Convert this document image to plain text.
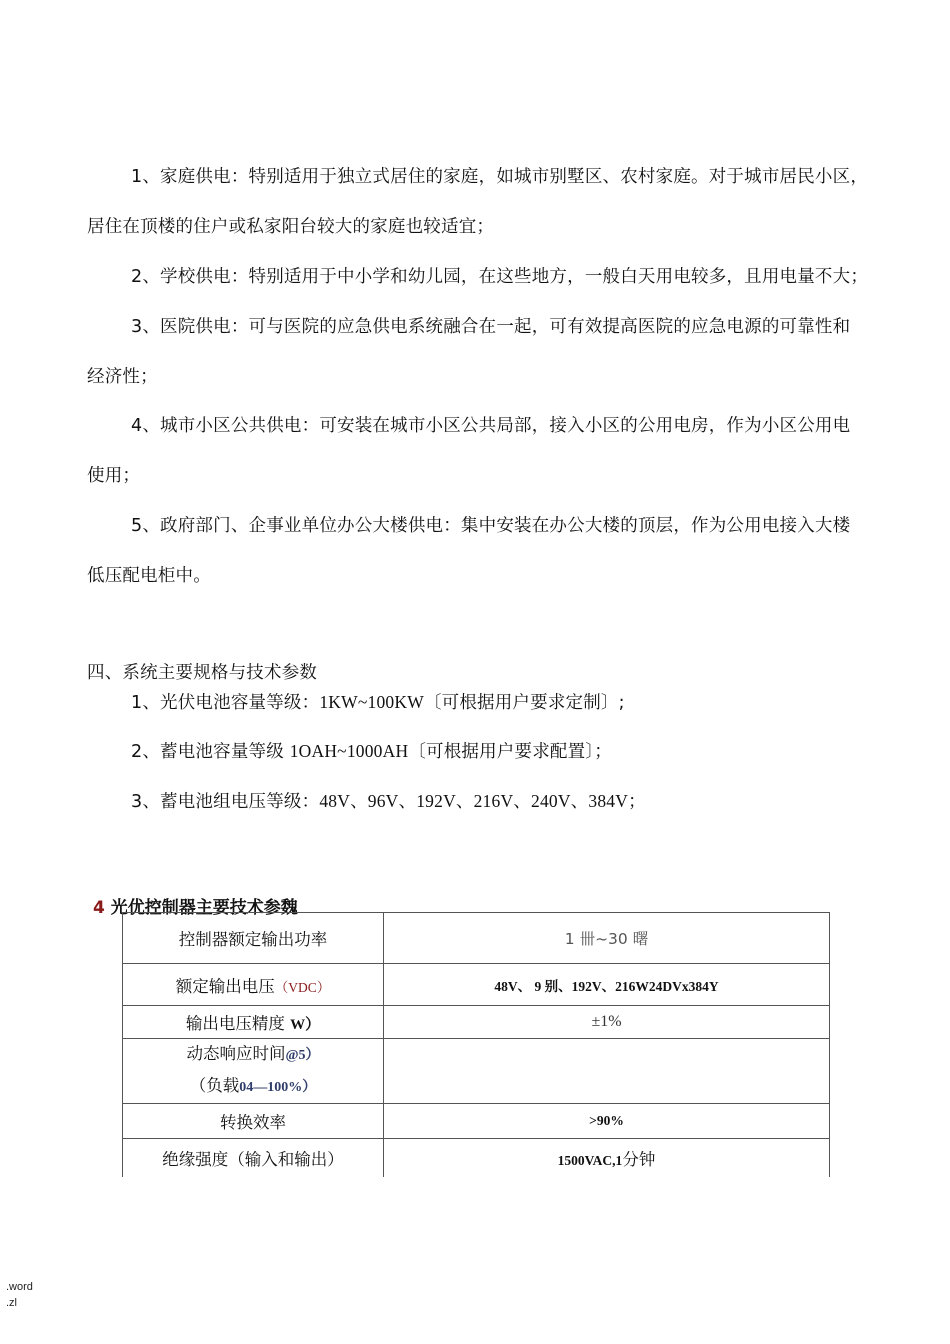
1、家庭供电：特别适用于独立式居住的家庭，如城市别墅区、农村家庭。对于城市居民小区，
居住在顶楼的住户或私家阳台较大的家庭也较适宜；
2、学校供电：特别适用于中小学和幼儿园，在这些地方，一般白天用电较多，且用电量不大；
3、医院供电：可与医院的应急供电系统融合在一起，可有效提高医院的应急电源的可靠性和
经济性；
4、城市小区公共供电：可安装在城市小区公共局部，接入小区的公用电房，作为小区公用电
使用；
5、政府部门、企事业单位办公大楼供电：集中安装在办公大楼的顶层，作为公用电接入大楼
低压配电柜中。
四、系统主要规格与技术参数
1、光伏电池容量等级：1KW~100KW〔可根据用户要求定制〕;
2、蓄电池容量等级 1OAH~1000AH〔可根据用户要求配置〕；
3、蓄电池组电压等级：48V、96V、192V、216V、240V、384V；
4 光优控制器主要技术参魏
控制器额定输出功率	1 卌~30 曙
额定输出电压（VDC）	48V、 9 别、192V、216W24DVx384Y
输出电压精度 W）	±1%

动态响应时间@5）
（负载04—100%）	

转换效率	>90%
绝缘强度（输入和输出）	1500VAC,1分钟
.word
.zl
